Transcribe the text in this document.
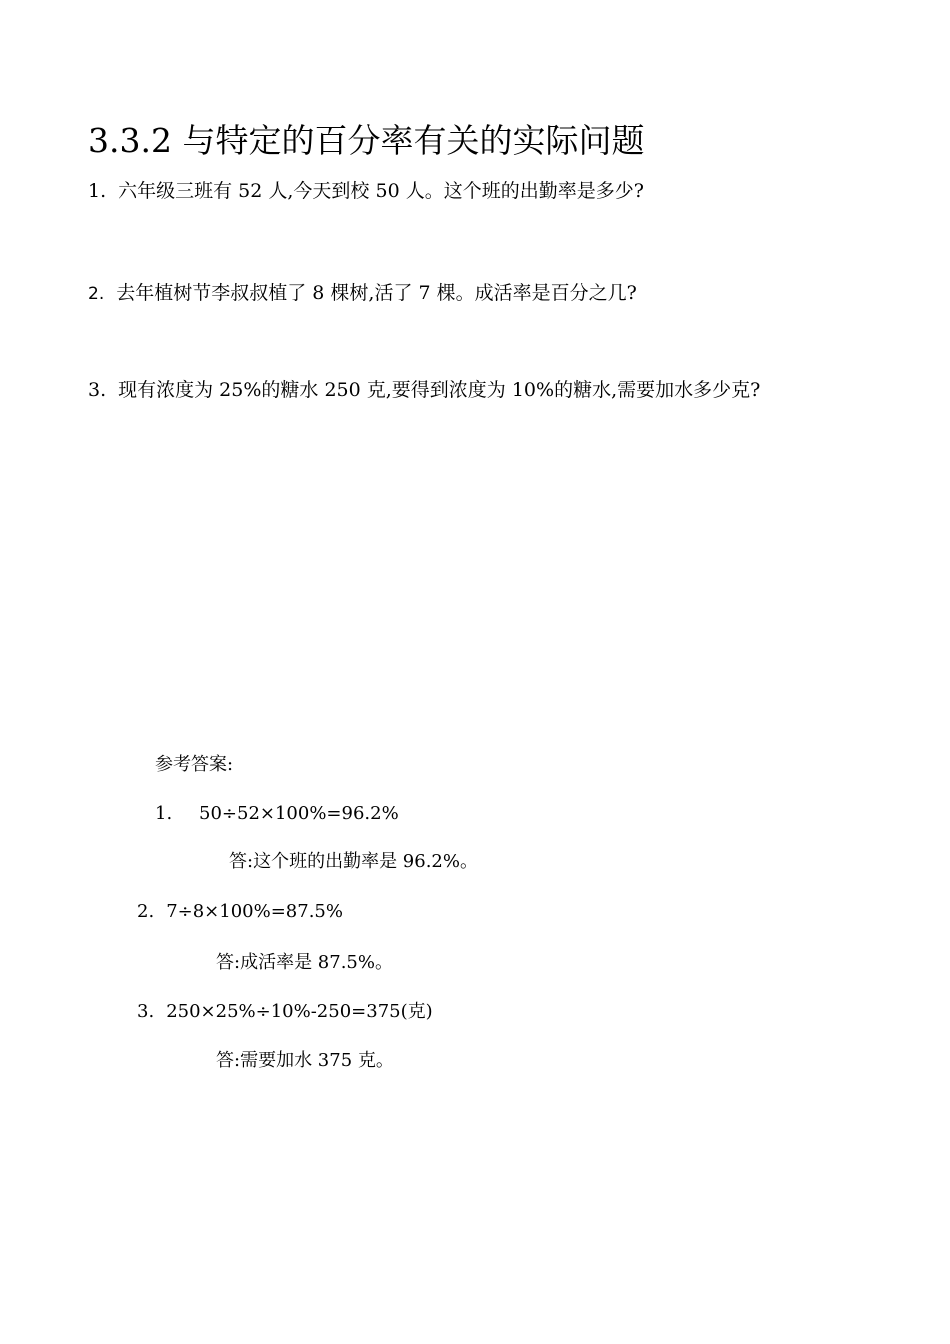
3.3.2 与特定的百分率有关的实际问题
1. 六年级三班有 52 人,今天到校 50 人。这个班的出勤率是多少?
2. 去年植树节李叔叔植了 8 棵树,活了 7 棵。成活率是百分之几?
3. 现有浓度为 25%的糖水 250 克,要得到浓度为 10%的糖水,需要加水多少克?
参考答案:
1. 50÷52×100%=96.2%
答:这个班的出勤率是 96.2%。
2. 7÷8×100%=87.5%
答:成活率是 87.5%。
3. 250×25%÷10%-250=375(克)
答:需要加水 375 克。
